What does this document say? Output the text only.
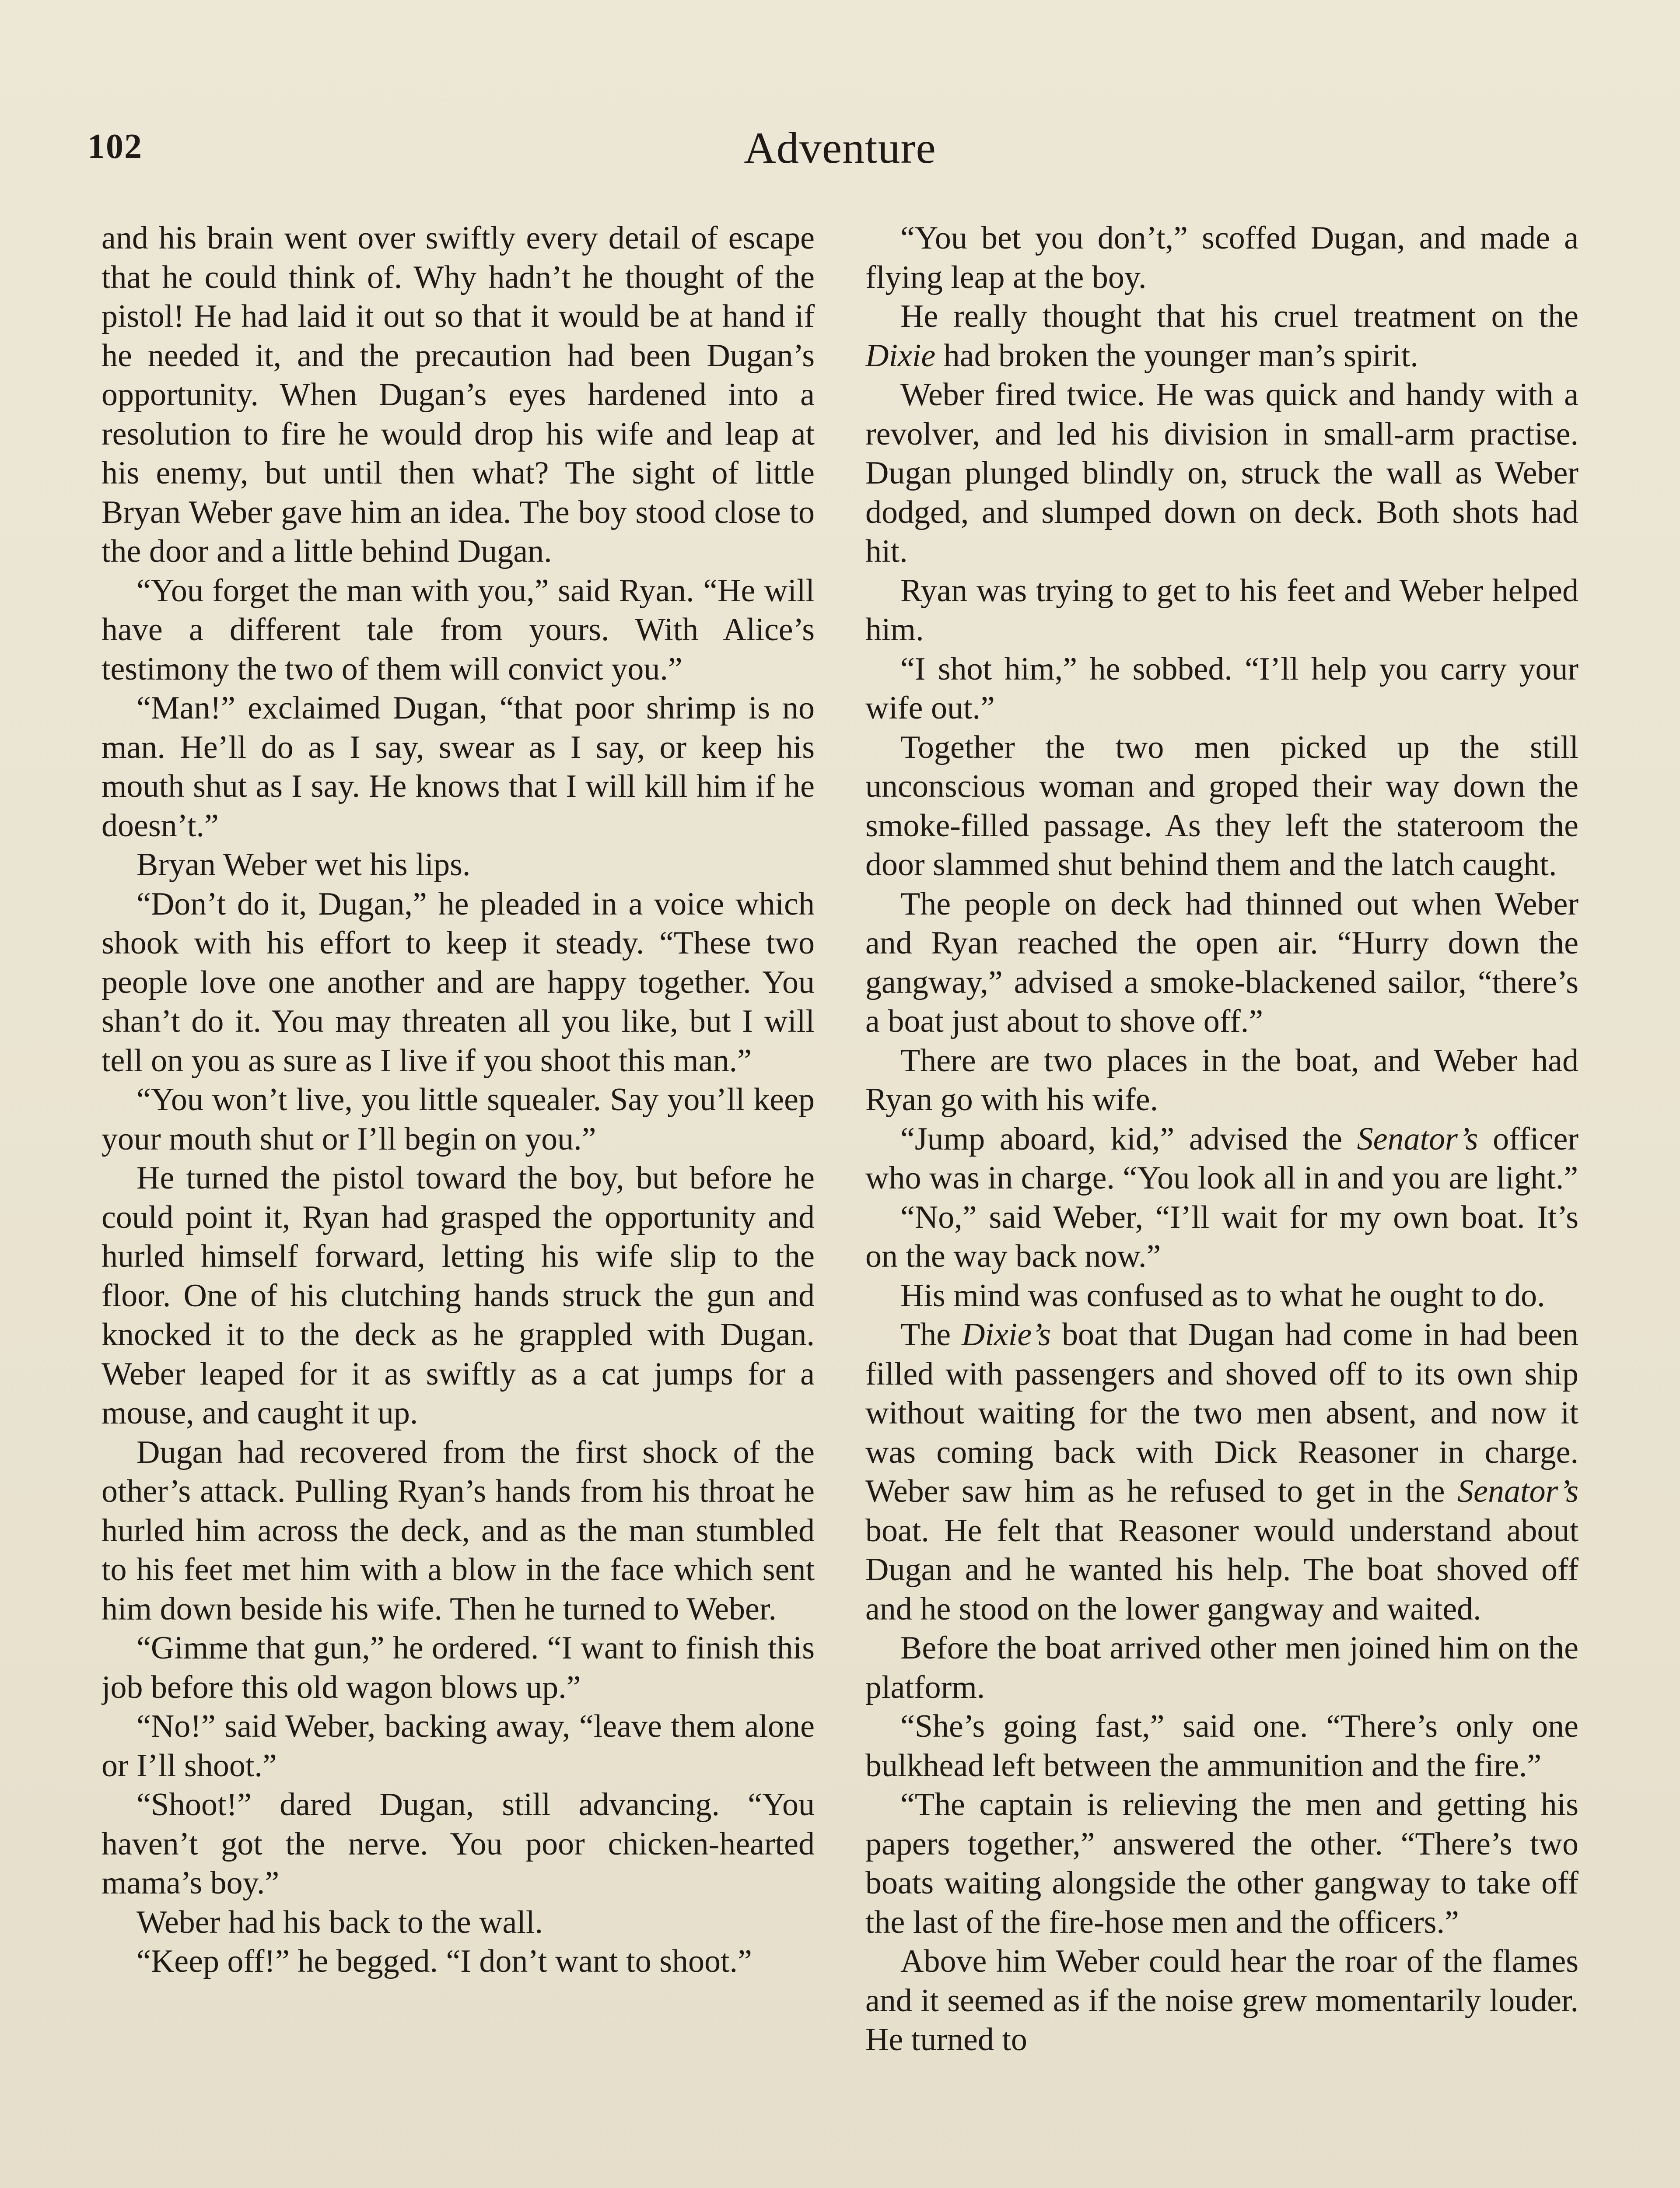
102	Adventure

and his brain went over swiftly every detail of escape that he could think of. Why hadn’t he thought of the pistol! He had laid it out so that it would be at hand if he needed it, and the precaution had been Dugan’s opportunity. When Dugan’s eyes hardened into a resolution to fire he would drop his wife and leap at his enemy, but until then what? The sight of little Bryan Weber gave him an idea. The boy stood close to the door and a little behind Dugan.

“You forget the man with you,” said Ryan. “He will have a different tale from yours. With Alice’s testimony the two of them will convict you.”

“Man!” exclaimed Dugan, “that poor shrimp is no man. He’ll do as I say, swear as I say, or keep his mouth shut as I say. He knows that I will kill him if he doesn’t.”

Bryan Weber wet his lips.

“Don’t do it, Dugan,” he pleaded in a voice which shook with his effort to keep it steady. “These two people love one another and are happy together. You shan’t do it. You may threaten all you like, but I will tell on you as sure as I live if you shoot this man.”

“You won’t live, you little squealer. Say you’ll keep your mouth shut or I’ll begin on you.”

He turned the pistol toward the boy, but before he could point it, Ryan had grasped the opportunity and hurled himself forward, letting his wife slip to the floor. One of his clutching hands struck the gun and knocked it to the deck as he grappled with Dugan. Weber leaped for it as swiftly as a cat jumps for a mouse, and caught it up.

Dugan had recovered from the first shock of the other’s attack. Pulling Ryan’s hands from his throat he hurled him across the deck, and as the man stumbled to his feet met him with a blow in the face which sent him down beside his wife. Then he turned to Weber.

“Gimme that gun,” he ordered. “I want to finish this job before this old wagon blows up.”

“No!” said Weber, backing away, “leave them alone or I’ll shoot.”

“Shoot!” dared Dugan, still advancing. “You haven’t got the nerve. You poor chicken-hearted mama’s boy.”

Weber had his back to the wall.

“Keep off!” he begged. “I don’t want to shoot.”

“You bet you don’t,” scoffed Dugan, and made a flying leap at the boy.

He really thought that his cruel treatment on the Dixie had broken the younger man’s spirit.

Weber fired twice. He was quick and handy with a revolver, and led his division in small-arm practise. Dugan plunged blindly on, struck the wall as Weber dodged, and slumped down on deck. Both shots had hit.

Ryan was trying to get to his feet and Weber helped him.

“I shot him,” he sobbed. “I’ll help you carry your wife out.”

Together the two men picked up the still unconscious woman and groped their way down the smoke-filled passage. As they left the stateroom the door slammed shut behind them and the latch caught.

The people on deck had thinned out when Weber and Ryan reached the open air. “Hurry down the gangway,” advised a smoke-blackened sailor, “there’s a boat just about to shove off.”

There are two places in the boat, and Weber had Ryan go with his wife.

“Jump aboard, kid,” advised the Senator’s officer who was in charge. “You look all in and you are light.”

“No,” said Weber, “I’ll wait for my own boat. It’s on the way back now.”

His mind was confused as to what he ought to do.

The Dixie’s boat that Dugan had come in had been filled with passengers and shoved off to its own ship without waiting for the two men absent, and now it was coming back with Dick Reasoner in charge. Weber saw him as he refused to get in the Senator’s boat. He felt that Reasoner would understand about Dugan and he wanted his help. The boat shoved off and he stood on the lower gangway and waited.

Before the boat arrived other men joined him on the platform.

“She’s going fast,” said one. “There’s only one bulkhead left between the ammunition and the fire.”

“The captain is relieving the men and getting his papers together,” answered the other. “There’s two boats waiting alongside the other gangway to take off the last of the fire-hose men and the officers.”

Above him Weber could hear the roar of the flames and it seemed as if the noise grew momentarily louder. He turned to
